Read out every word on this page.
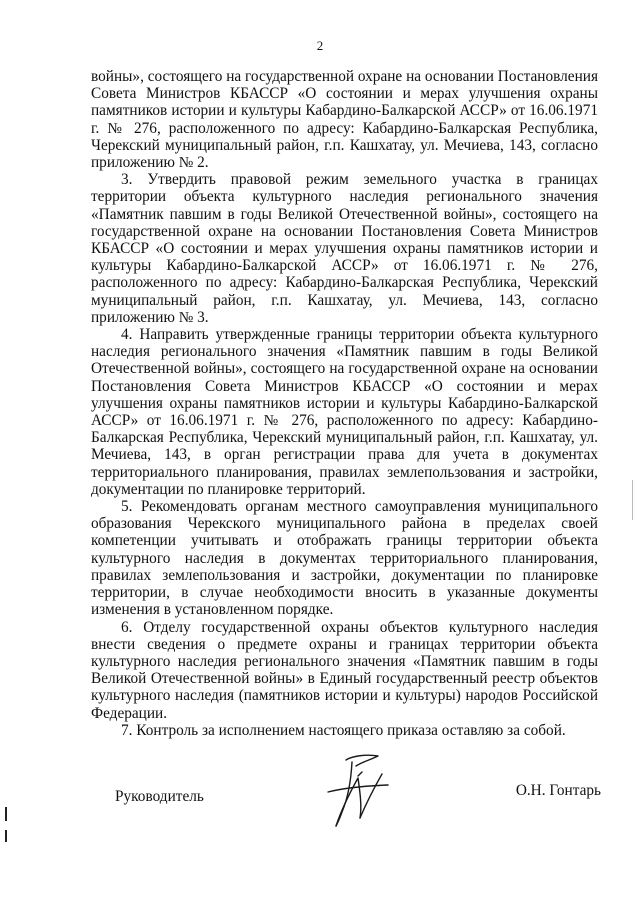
2

войны», состоящего на государственной охране на основании Постановления Совета Министров КБАССР «О состоянии и мерах улучшения охраны памятников истории и культуры Кабардино-Балкарской АССР» от 16.06.1971 г. № 276, расположенного по адресу: Кабардино-Балкарская Республика, Черекский муниципальный район, г.п. Кашхатау, ул. Мечиева, 143, согласно приложению № 2.

3. Утвердить правовой режим земельного участка в границах территории объекта культурного наследия регионального значения «Памятник павшим в годы Великой Отечественной войны», состоящего на государственной охране на основании Постановления Совета Министров КБАССР «О состоянии и мерах улучшения охраны памятников истории и культуры Кабардино-Балкарской АССР» от 16.06.1971 г. № 276, расположенного по адресу: Кабардино-Балкарская Республика, Черекский муниципальный район, г.п. Кашхатау, ул. Мечиева, 143, согласно приложению № 3.

4. Направить утвержденные границы территории объекта культурного наследия регионального значения «Памятник павшим в годы Великой Отечественной войны», состоящего на государственной охране на основании Постановления Совета Министров КБАССР «О состоянии и мерах улучшения охраны памятников истории и культуры Кабардино-Балкарской АССР» от 16.06.1971 г. № 276, расположенного по адресу: Кабардино-Балкарская Республика, Черекский муниципальный район, г.п. Кашхатау, ул. Мечиева, 143, в орган регистрации права для учета в документах территориального планирования, правилах землепользования и застройки, документации по планировке территорий.

5. Рекомендовать органам местного самоуправления муниципального образования Черекского муниципального района в пределах своей компетенции учитывать и отображать границы территории объекта культурного наследия в документах территориального планирования, правилах землепользования и застройки, документации по планировке территории, в случае необходимости вносить в указанные документы изменения в установленном порядке.

6. Отделу государственной охраны объектов культурного наследия внести сведения о предмете охраны и границах территории объекта культурного наследия регионального значения «Памятник павшим в годы Великой Отечественной войны» в Единый государственный реестр объектов культурного наследия (памятников истории и культуры) народов Российской Федерации.

7. Контроль за исполнением настоящего приказа оставляю за собой.

Руководитель	О.Н. Гонтарь
